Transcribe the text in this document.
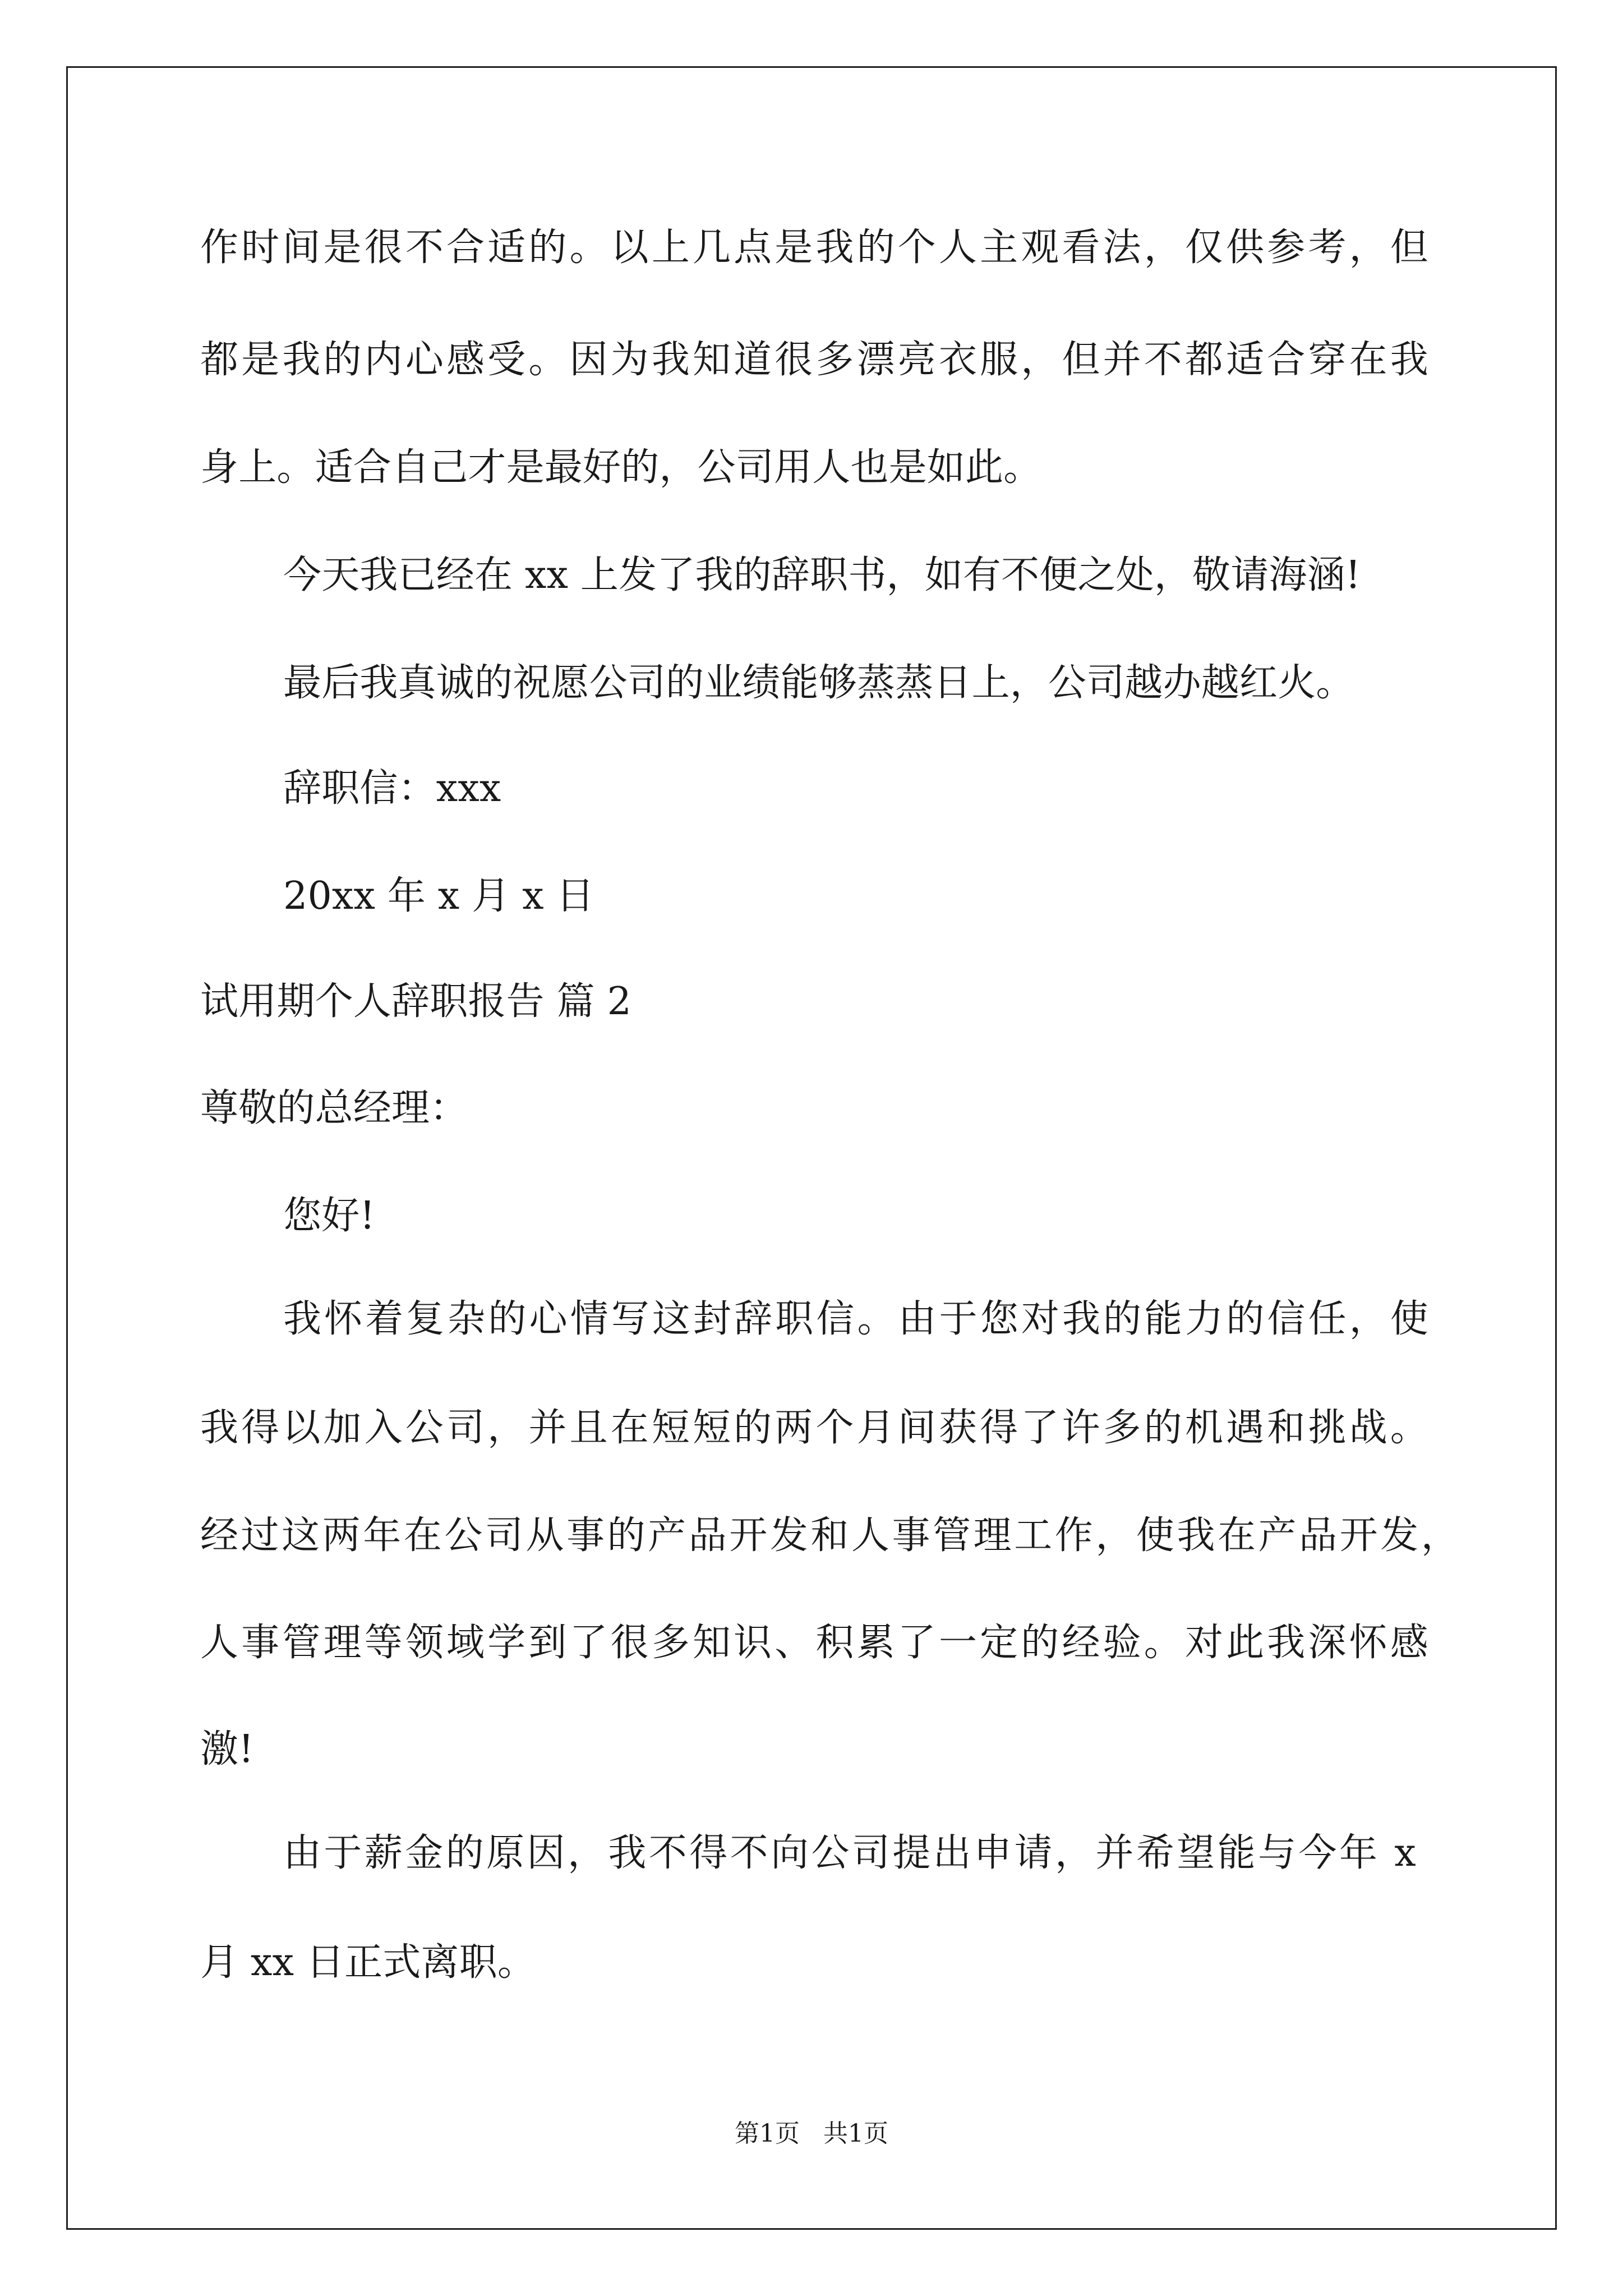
作时间是很不合适的。以上几点是我的个人主观看法，仅供参考，但
都是我的内心感受。因为我知道很多漂亮衣服，但并不都适合穿在我
身上。适合自己才是最好的，公司用人也是如此。
今天我已经在 xx 上发了我的辞职书，如有不便之处，敬请海涵!
最后我真诚的祝愿公司的业绩能够蒸蒸日上，公司越办越红火。
辞职信：xxx
20xx 年 x 月 x 日
试用期个人辞职报告 篇 2
尊敬的总经理：
您好!
我怀着复杂的心情写这封辞职信。由于您对我的能力的信任，使
我得以加入公司，并且在短短的两个月间获得了许多的机遇和挑战。
经过这两年在公司从事的产品开发和人事管理工作，使我在产品开发，
人事管理等领域学到了很多知识、积累了一定的经验。对此我深怀感
激!
由于薪金的原因，我不得不向公司提出申请，并希望能与今年 x
月 xx 日正式离职。
第1页   共1页
